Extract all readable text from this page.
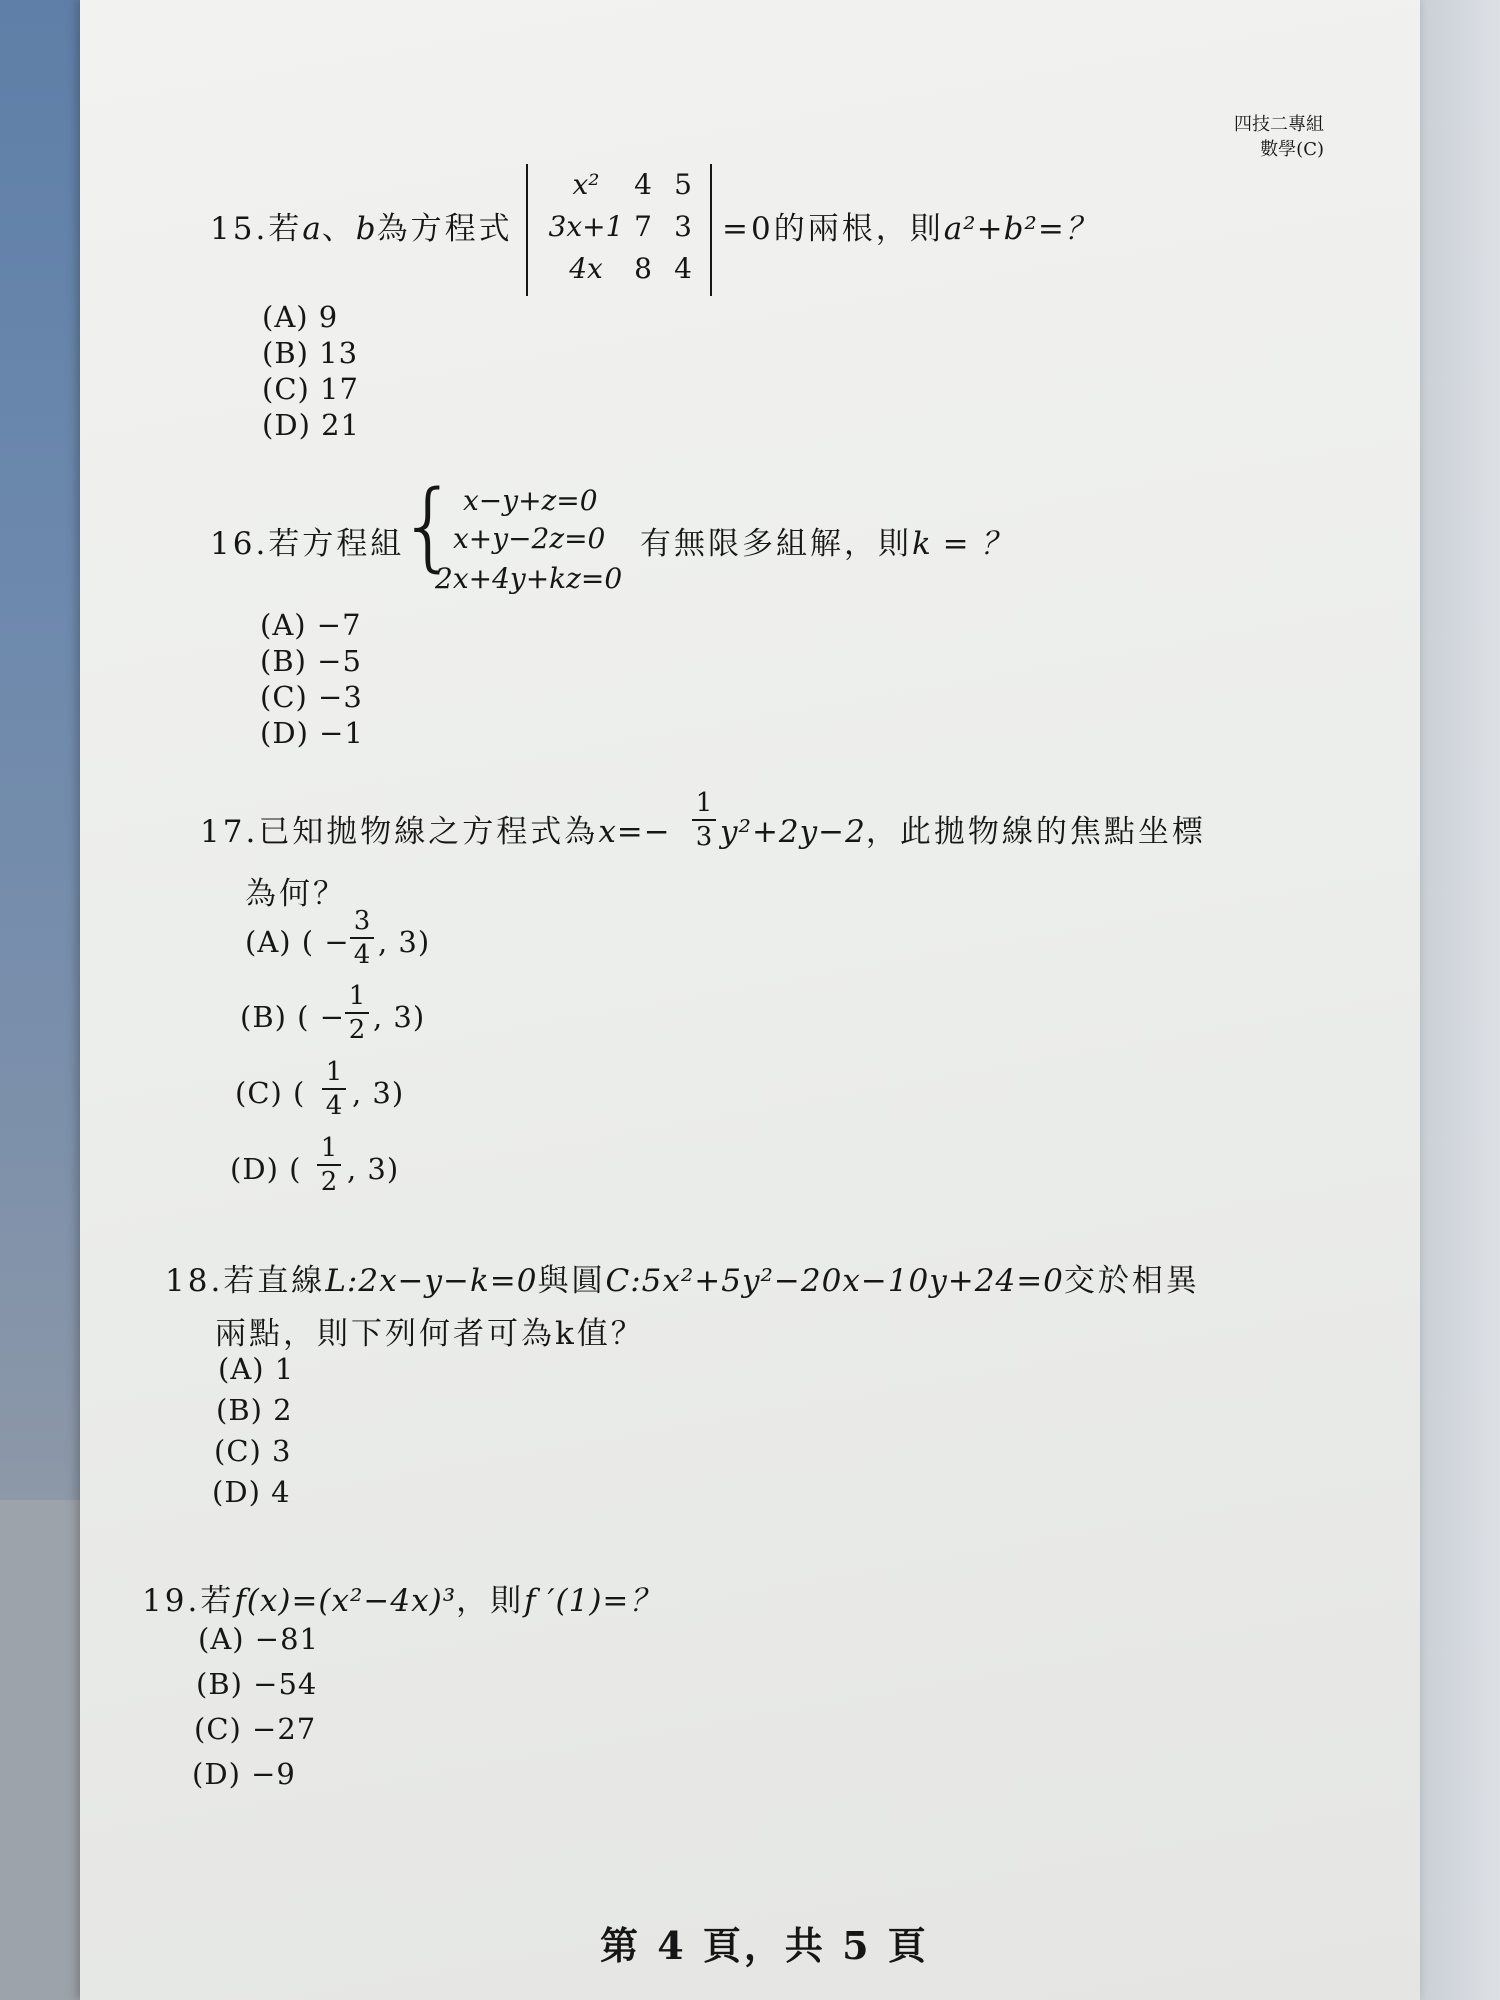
四技二專組
數學(C)
15.若a、b為方程式
x²	4 5
3x+1 7 3
4x	8 4
=0的兩根，則a²+b²=？
(A) 9
(B) 13
(C) 17
(D) 21
16.若方程組
{ x−y+z=0
x+y−2z=0
2x+4y+kz=0
有無限多組解，則k = ？
(A) −7
(B) −5
(C) −3
(D) −1
17.已知拋物線之方程式為x=−
1
3 y²+2y−2，此拋物線的焦點坐標
為何？
(A) ( −
3
4 , 3)
(B) ( −
1
2 , 3)
(C) (
1
4 , 3)
(D) (
1
2 , 3)
18.若直線L:2x−y−k=0與圓C:5x²+5y²−20x−10y+24=0交於相異
兩點，則下列何者可為k值？
(A) 1
(B) 2
(C) 3
(D) 4
19.若f(x)=(x²−4x)³，則f ′(1)=？
(A) −81
(B) −54
(C) −27
(D) −9
第 4 頁，共 5 頁
